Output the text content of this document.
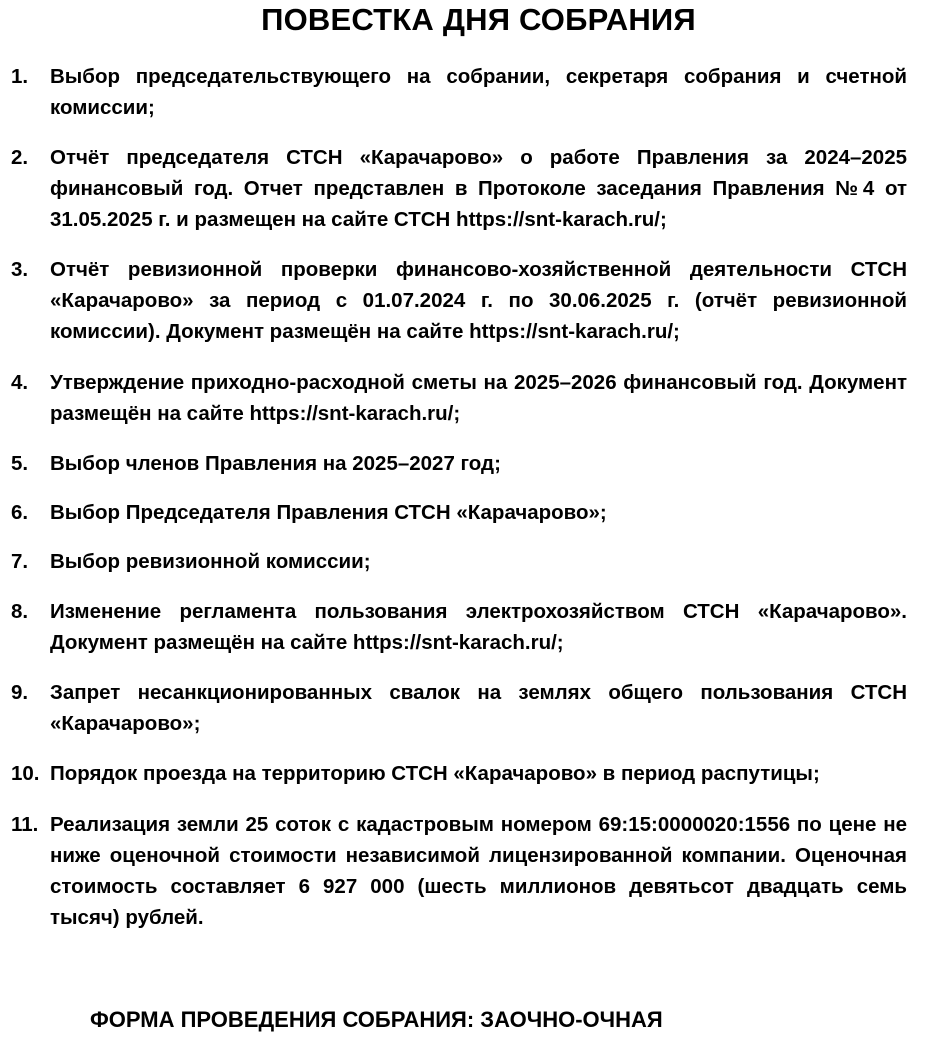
ПОВЕСТКА ДНЯ СОБРАНИЯ
1. Выбор председательствующего на собрании, секретаря собрания и счетной комиссии;
2. Отчёт председателя СТСН «Карачарово» о работе Правления за 2024–2025 финансовый год. Отчет представлен в Протоколе заседания Правления №4 от 31.05.2025 г. и размещен на сайте СТСН https://snt-karach.ru/;
3. Отчёт ревизионной проверки финансово-хозяйственной деятельности СТСН «Карачарово» за период с 01.07.2024 г. по 30.06.2025 г. (отчёт ревизионной комиссии). Документ размещён на сайте https://snt-karach.ru/;
4. Утверждение приходно-расходной сметы на 2025–2026 финансовый год. Документ размещён на сайте https://snt-karach.ru/;
5. Выбор членов Правления на 2025–2027 год;
6. Выбор Председателя Правления СТСН «Карачарово»;
7. Выбор ревизионной комиссии;
8. Изменение регламента пользования электрохозяйством СТСН «Карачарово». Документ размещён на сайте https://snt-karach.ru/;
9. Запрет несанкционированных свалок на землях общего пользования СТСН «Карачарово»;
10. Порядок проезда на территорию СТСН «Карачарово» в период распутицы;
11. Реализация земли 25 соток с кадастровым номером 69:15:0000020:1556 по цене не ниже оценочной стоимости независимой лицензированной компании. Оценочная стоимость составляет 6 927 000 (шесть миллионов девятьсот двадцать семь тысяч) рублей.
ФОРМА ПРОВЕДЕНИЯ СОБРАНИЯ: ЗАОЧНО-ОЧНАЯ
